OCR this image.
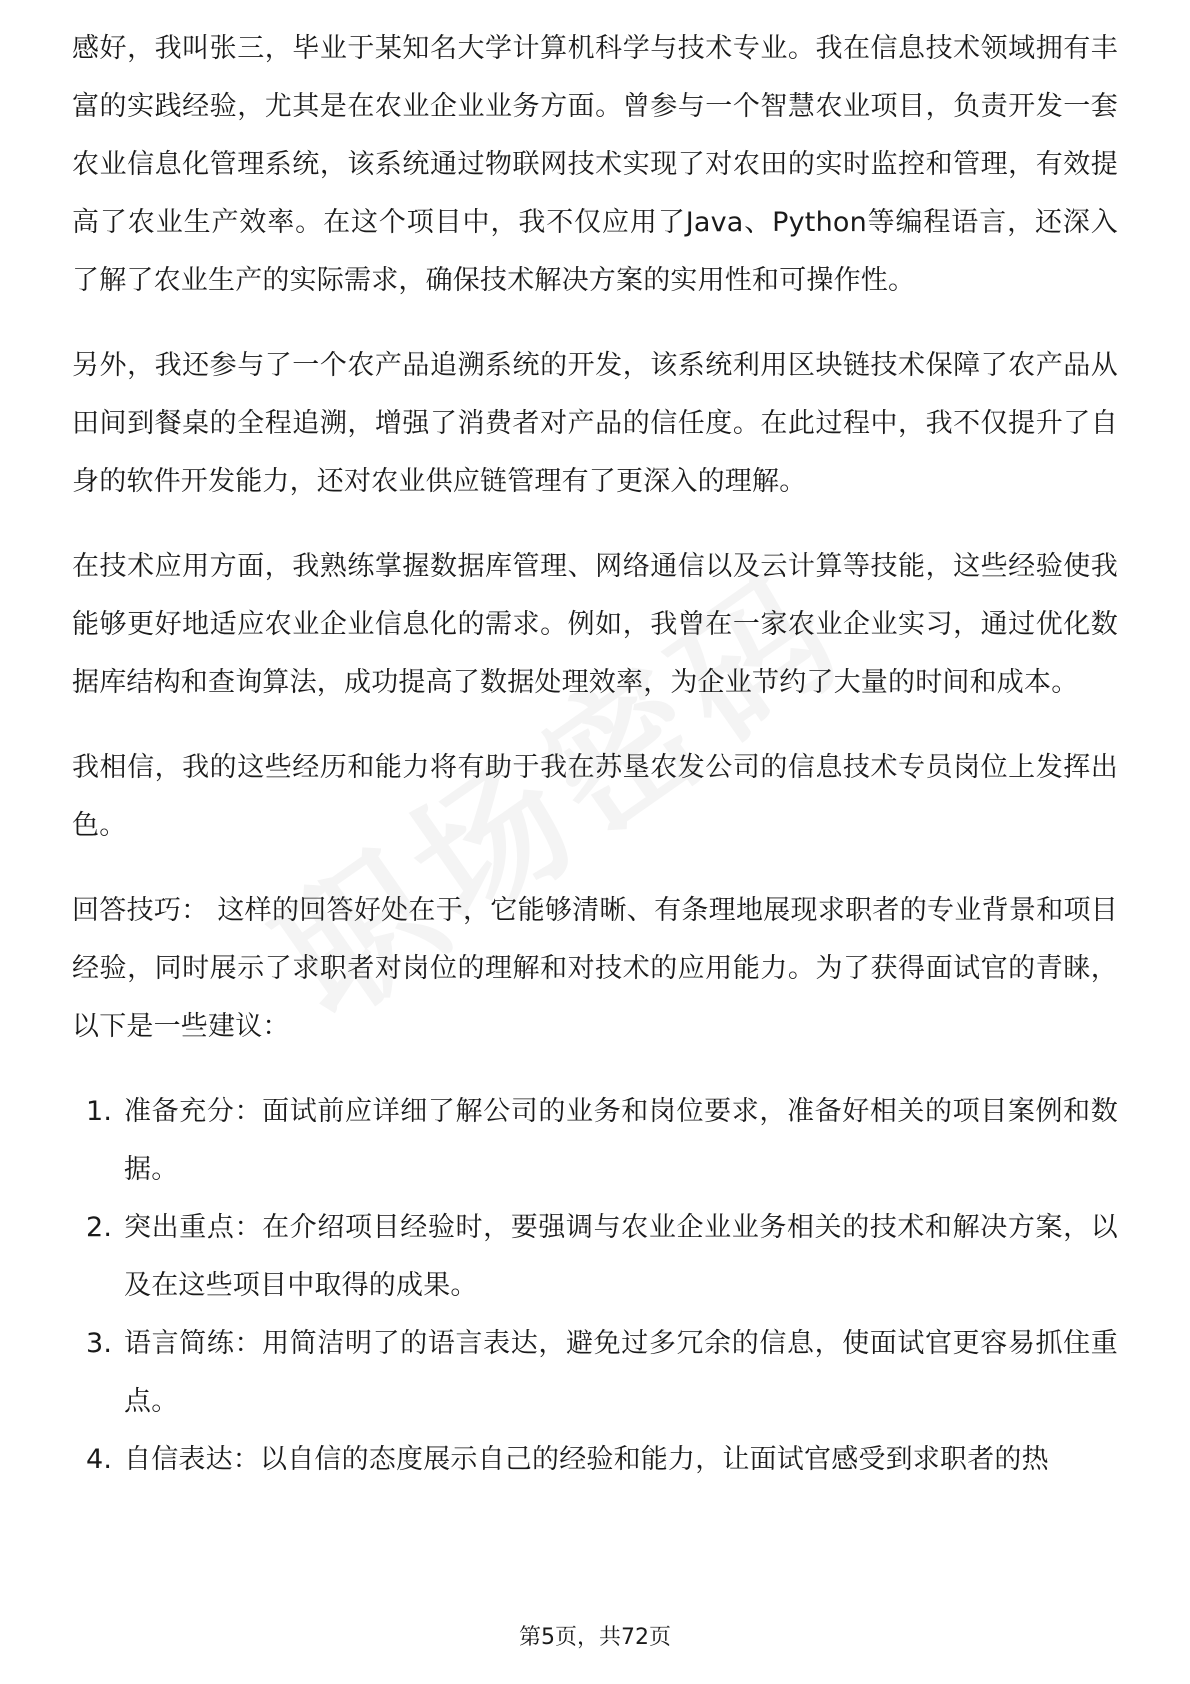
感好，我叫张三，毕业于某知名大学计算机科学与技术专业。我在信息技术领域拥有丰富的实践经验，尤其是在农业企业业务方面。曾参与一个智慧农业项目，负责开发一套农业信息化管理系统，该系统通过物联网技术实现了对农田的实时监控和管理，有效提高了农业生产效率。在这个项目中，我不仅应用了Java、Python等编程语言，还深入了解了农业生产的实际需求，确保技术解决方案的实用性和可操作性。

另外，我还参与了一个农产品追溯系统的开发，该系统利用区块链技术保障了农产品从田间到餐桌的全程追溯，增强了消费者对产品的信任度。在此过程中，我不仅提升了自身的软件开发能力，还对农业供应链管理有了更深入的理解。

在技术应用方面，我熟练掌握数据库管理、网络通信以及云计算等技能，这些经验使我能够更好地适应农业企业信息化的需求。例如，我曾在一家农业企业实习，通过优化数据库结构和查询算法，成功提高了数据处理效率，为企业节约了大量的时间和成本。

我相信，我的这些经历和能力将有助于我在苏垦农发公司的信息技术专员岗位上发挥出色。

回答技巧： 这样的回答好处在于，它能够清晰、有条理地展现求职者的专业背景和项目经验，同时展示了求职者对岗位的理解和对技术的应用能力。为了获得面试官的青睐，以下是一些建议：

1. 准备充分：面试前应详细了解公司的业务和岗位要求，准备好相关的项目案例和数据。
2. 突出重点：在介绍项目经验时，要强调与农业企业业务相关的技术和解决方案，以及在这些项目中取得的成果。
3. 语言简练：用简洁明了的语言表达，避免过多冗余的信息，使面试官更容易抓住重点。
4. 自信表达：以自信的态度展示自己的经验和能力，让面试官感受到求职者的热
第5页，共72页
